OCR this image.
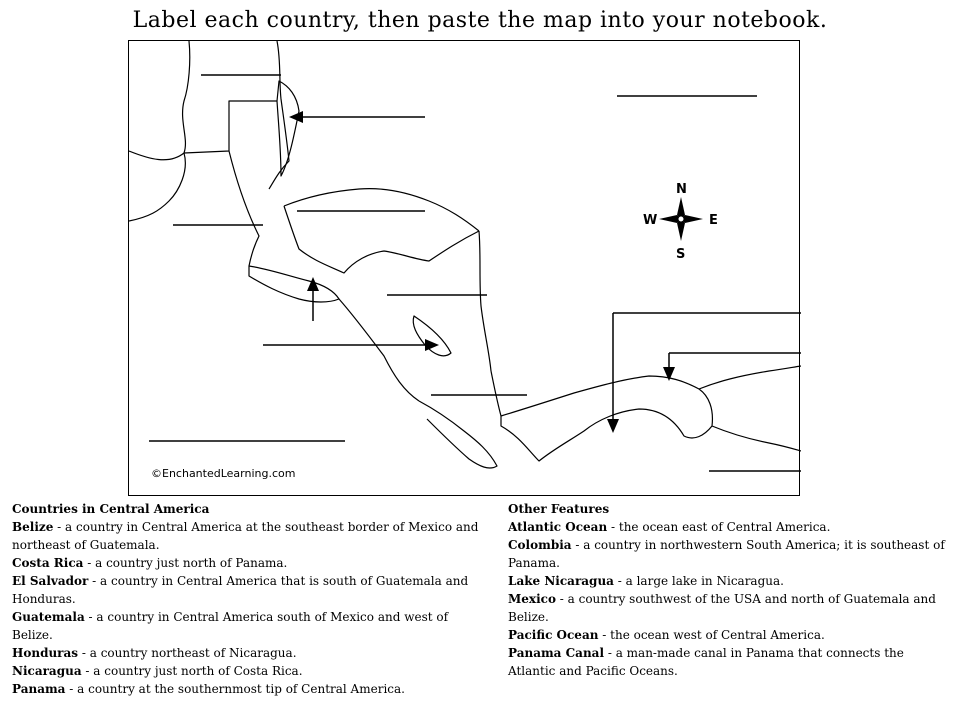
Label each country, then paste the map into your notebook.
N
S
W	E
©EnchantedLearning.com
Countries in Central America
Belize - a country in Central America at the southeast border of Mexico and northeast of Guatemala.
Costa Rica - a country just north of Panama.
El Salvador - a country in Central America that is south of Guatemala and Honduras.
Guatemala - a country in Central America south of Mexico and west of Belize.
Honduras - a country northeast of Nicaragua.
Nicaragua - a country just north of Costa Rica.
Panama - a country at the southernmost tip of Central America.
Other Features
Atlantic Ocean - the ocean east of Central America.
Colombia - a country in northwestern South America; it is southeast of Panama.
Lake Nicaragua - a large lake in Nicaragua.
Mexico - a country southwest of the USA and north of Guatemala and Belize.
Pacific Ocean - the ocean west of Central America.
Panama Canal - a man-made canal in Panama that connects the Atlantic and Pacific Oceans.
